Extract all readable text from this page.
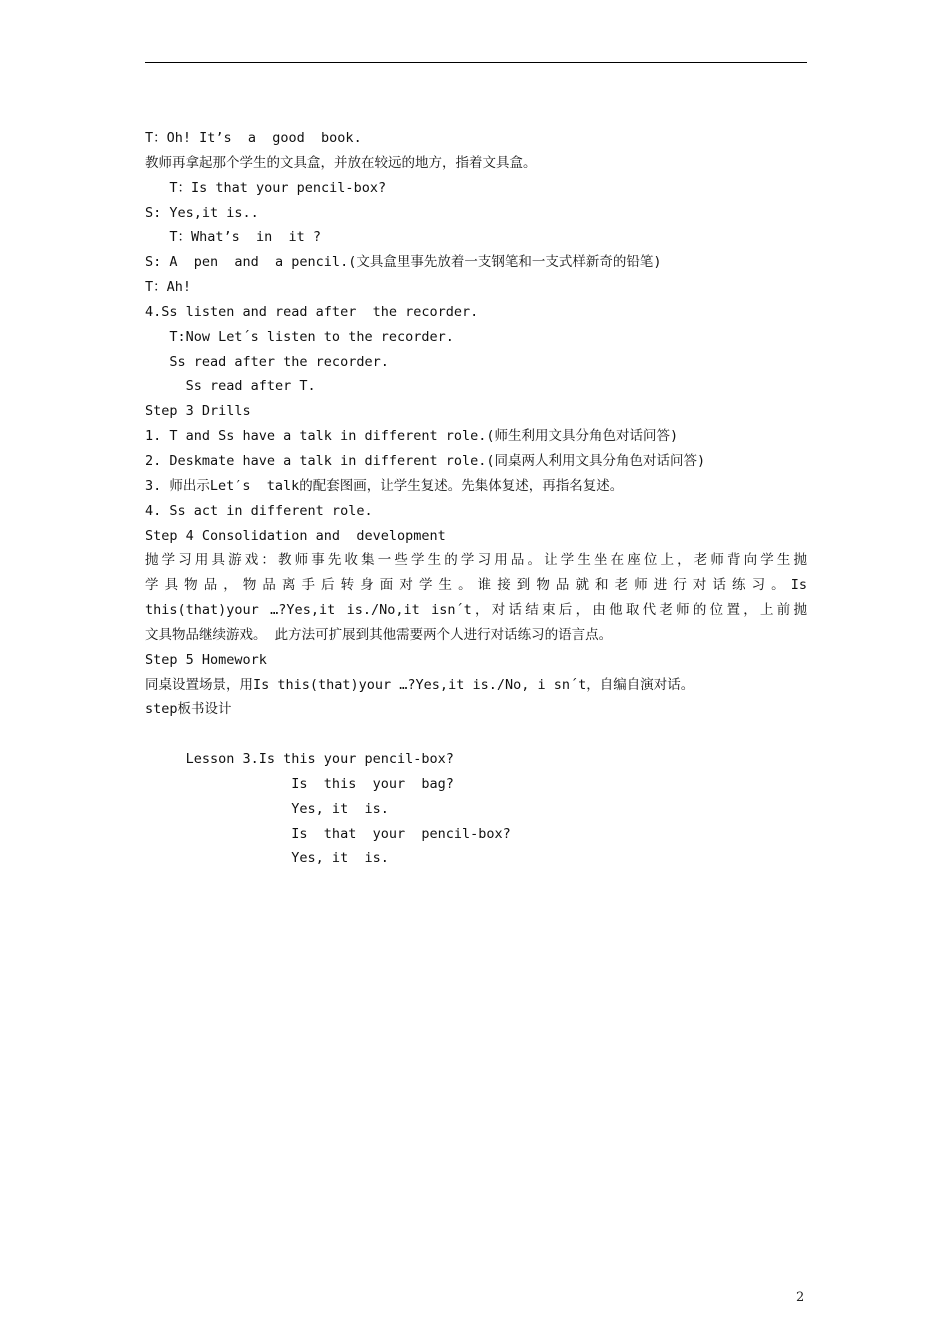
T：Oh! It’s  a  good  book.
教师再拿起那个学生的文具盒，并放在较远的地方，指着文具盒。
T：Is that your pencil-box?
S: Yes,it is..
T：What’s  in  it ?
S: A  pen  and  a pencil.(文具盒里事先放着一支钢笔和一支式样新奇的铅笔)
T：Ah!
4.Ss listen and read after  the recorder.
T:Now Let´s listen to the recorder.
Ss read after the recorder.
Ss read after T.
Step 3 Drills
1. T and Ss have a talk in different role.(师生利用文具分角色对话问答)
2. Deskmate have a talk in different role.(同桌两人利用文具分角色对话问答)
3. 师出示Let′s  talk的配套图画，让学生复述。先集体复述，再指名复述。
4. Ss act in different role.
Step 4 Consolidation and  development
抛学习用具游戏：教师事先收集一些学生的学习用品。让学生坐在座位上，老师背向学生抛
学具物品，物品离手后转身面对学生。谁接到物品就和老师进行对话练习。Is
this(that)your …?Yes,it is./No,it isn´t，对话结束后，由他取代老师的位置，上前抛
文具物品继续游戏。 此方法可扩展到其他需要两个人进行对话练习的语言点。
Step 5 Homework
同桌设置场景，用Is this(that)your …?Yes,it is./No, i sn´t，自编自演对话。
step板书设计
Lesson 3.Is this your pencil-box?
Is  this  your  bag?
Yes, it  is.
Is  that  your  pencil-box?
Yes, it  is.
2
